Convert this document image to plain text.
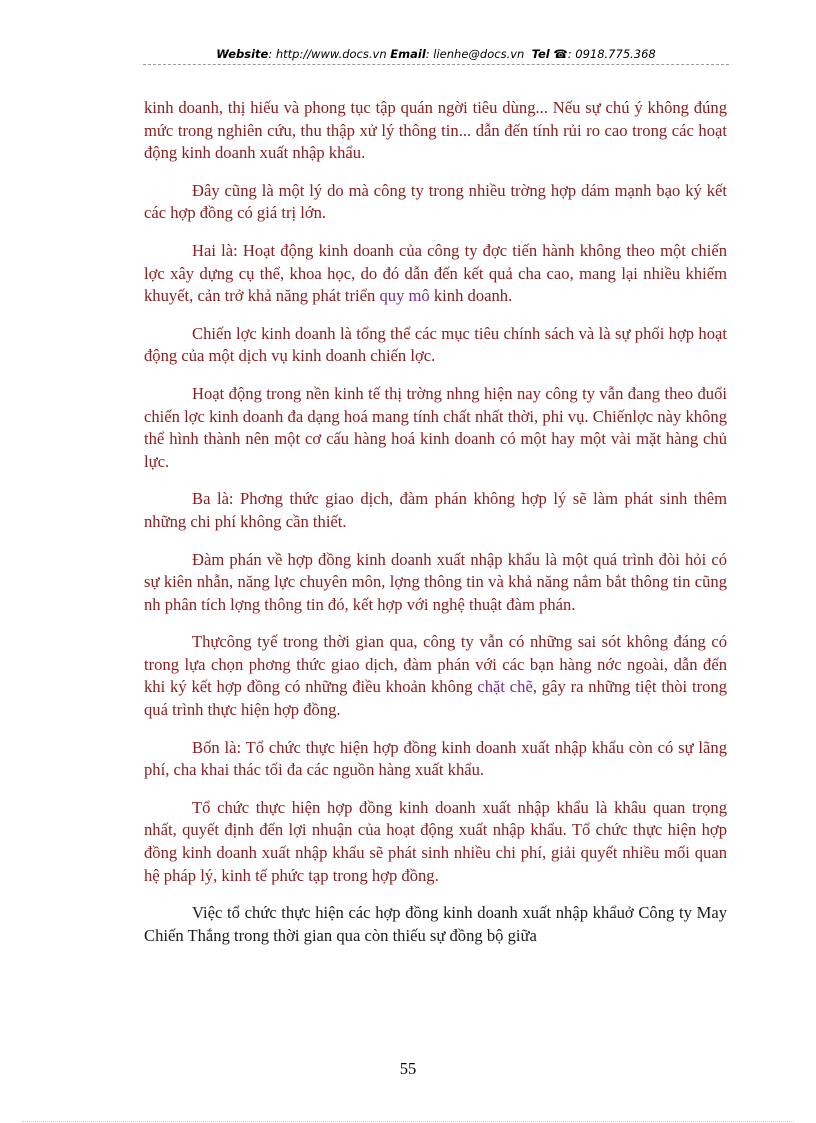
Website: http://www.docs.vn Email: lienhe@docs.vn Tel ☎: 0918.775.368

kinh doanh, thị hiếu và phong tục tập quán ngời tiêu dùng... Nếu sự chú ý không đúng mức trong nghiên cứu, thu thập xử lý thông tin... dẫn đến tính rủi ro cao trong các hoạt động kinh doanh xuất nhập khẩu.

Đây cũng là một lý do mà công ty trong nhiều trờng hợp dám mạnh bạo ký kết các hợp đồng có giá trị lớn.

Hai là: Hoạt động kinh doanh của công ty đợc tiến hành không theo một chiến lợc xây dựng cụ thể, khoa học, do đó dẫn đến kết quả cha cao, mang lại nhiều khiếm khuyết, cản trở khả năng phát triển quy mô kinh doanh.

Chiến lợc kinh doanh là tổng thể các mục tiêu chính sách và là sự phối hợp hoạt động của một dịch vụ kinh doanh chiến lợc.

Hoạt động trong nền kinh tế thị trờng nhng hiện nay công ty vẫn đang theo đuổi chiến lợc kinh doanh đa dạng hoá mang tính chất nhất thời, phi vụ. Chiếnlợc này không thể hình thành nên một cơ cấu hàng hoá kinh doanh có một hay một vài mặt hàng chủ lực.

Ba là: Phơng thức giao dịch, đàm phán không hợp lý sẽ làm phát sinh thêm những chi phí không cần thiết.

Đàm phán về hợp đồng kinh doanh xuất nhập khẩu là một quá trình đòi hỏi có sự kiên nhẫn, năng lực chuyên môn, lợng thông tin và khả năng nắm bắt thông tin cũng nh phân tích lợng thông tin đó, kết hợp với nghệ thuật đàm phán.

Thựcông tyế trong thời gian qua, công ty vẫn có những sai sót không đáng có trong lựa chọn phơng thức giao dịch, đàm phán với các bạn hàng nớc ngoài, dẫn đến khi ký kết hợp đồng có những điều khoản không chặt chẽ, gây ra những tiệt thòi trong quá trình thực hiện hợp đồng.

Bốn là: Tổ chức thực hiện hợp đồng kinh doanh xuất nhập khẩu còn có sự lãng phí, cha khai thác tối đa các nguồn hàng xuất khẩu.

Tổ chức thực hiện hợp đồng kinh doanh xuất nhập khẩu là khâu quan trọng nhất, quyết định đến lợi nhuận của hoạt động xuất nhập khẩu. Tổ chức thực hiện hợp đồng kinh doanh xuất nhập khẩu sẽ phát sinh nhiều chi phí, giải quyết nhiều mối quan hệ pháp lý, kinh tế phức tạp trong hợp đồng.

Việc tổ chức thực hiện các hợp đồng kinh doanh xuất nhập khẩuở Công ty May Chiến Thắng trong thời gian qua còn thiếu sự đồng bộ giữa

55
